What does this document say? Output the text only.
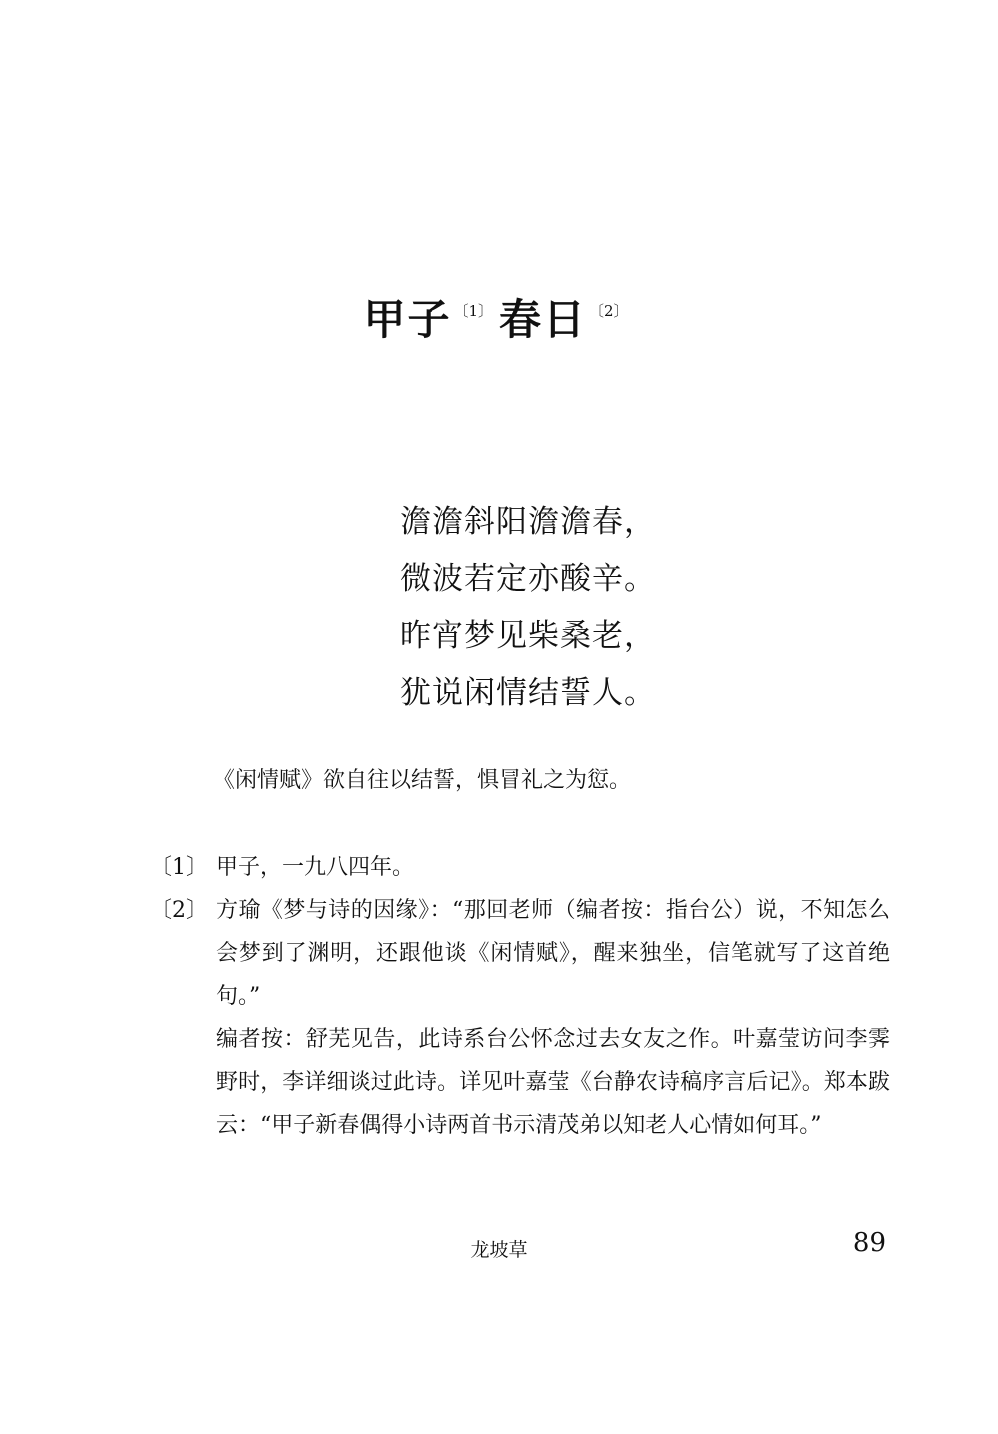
甲子 $^{〔1〕}$ 春日 $^{〔2〕}$
澹澹斜阳澹澹春，
微波若定亦酸辛。
昨宵梦见柴桑老，
犹说闲情结誓人。
《闲情赋》欲自往以结誓，惧冒礼之为愆。
〔1〕 甲子，一九八四年。
〔2〕 方瑜《梦与诗的因缘》：“那回老师（编者按：指台公）说，不知怎么会梦到了渊明，还跟他谈《闲情赋》，醒来独坐，信笔就写了这首绝句。”
编者按：舒芜见告，此诗系台公怀念过去女友之作。叶嘉莹访问李霁野时，李详细谈过此诗。详见叶嘉莹《台静农诗稿序言后记》。郑本跋云：“甲子新春偶得小诗两首书示清茂弟以知老人心情如何耳。”
龙坡草	89
